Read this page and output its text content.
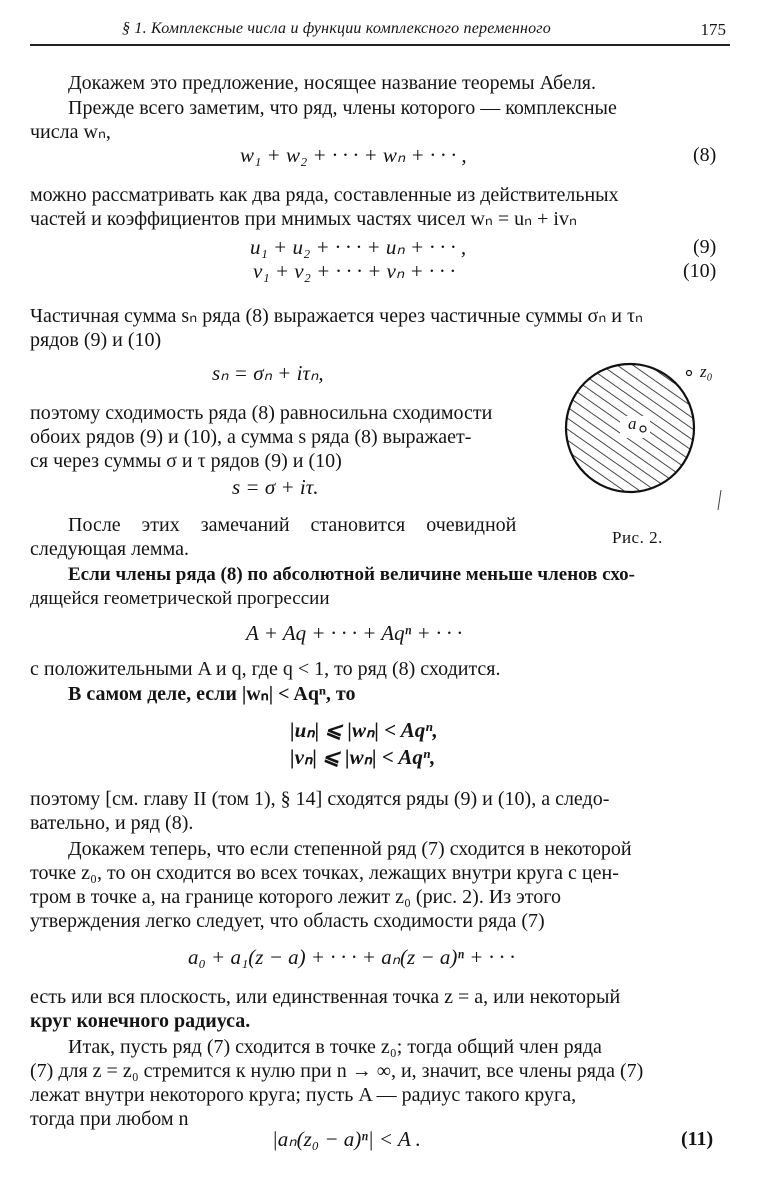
§ 1. Комплексные числа и функции комплексного переменного	175
Докажем это предложение, носящее название теоремы Абеля.
Прежде всего заметим, что ряд, члены которого — комплексные
числа wₙ,
w₁ + w₂ + · · · + wₙ + · · · ,	(8)
можно рассматривать как два ряда, составленные из действительных
частей и коэффициентов при мнимых частях чисел wₙ = uₙ + ivₙ
u₁ + u₂ + · · · + uₙ + · · · ,	(9)
v₁ + v₂ + · · · + vₙ + · · ·	(10)
Частичная сумма sₙ ряда (8) выражается через частичные суммы σₙ и τₙ
рядов (9) и (10)
sₙ = σₙ + iτₙ,
поэтому сходимость ряда (8) равносильна сходимости
обоих рядов (9) и (10), а сумма s ряда (8) выражает-
ся через суммы σ и τ рядов (9) и (10)
s = σ + iτ.
a
z₀
Рис. 2.
После этих замечаний становится очевидной
следующая лемма.
Если члены ряда (8) по абсолютной величине меньше членов схо-
дящейся геометрической прогрессии
A + Aq + · · · + Aqⁿ + · · ·
с положительными A и q, где q < 1, то ряд (8) сходится.
В самом деле, если |wₙ| < Aqⁿ, то
|uₙ| ⩽ |wₙ| < Aqⁿ,
|vₙ| ⩽ |wₙ| < Aqⁿ,
поэтому [см. главу II (том 1), § 14] сходятся ряды (9) и (10), а следо-
вательно, и ряд (8).
Докажем теперь, что если степенной ряд (7) сходится в некоторой
точке z₀, то он сходится во всех точках, лежащих внутри круга с цен-
тром в точке a, на границе которого лежит z₀ (рис. 2). Из этого
утверждения легко следует, что область сходимости ряда (7)
a₀ + a₁(z − a) + · · · + aₙ(z − a)ⁿ + · · ·
есть или вся плоскость, или единственная точка z = a, или некоторый
круг конечного радиуса.
Итак, пусть ряд (7) сходится в точке z₀; тогда общий член ряда
(7) для z = z₀ стремится к нулю при n → ∞, и, значит, все члены ряда (7)
лежат внутри некоторого круга; пусть A — радиус такого круга,
тогда при любом n
|aₙ(z₀ − a)ⁿ| < A .	(11)
